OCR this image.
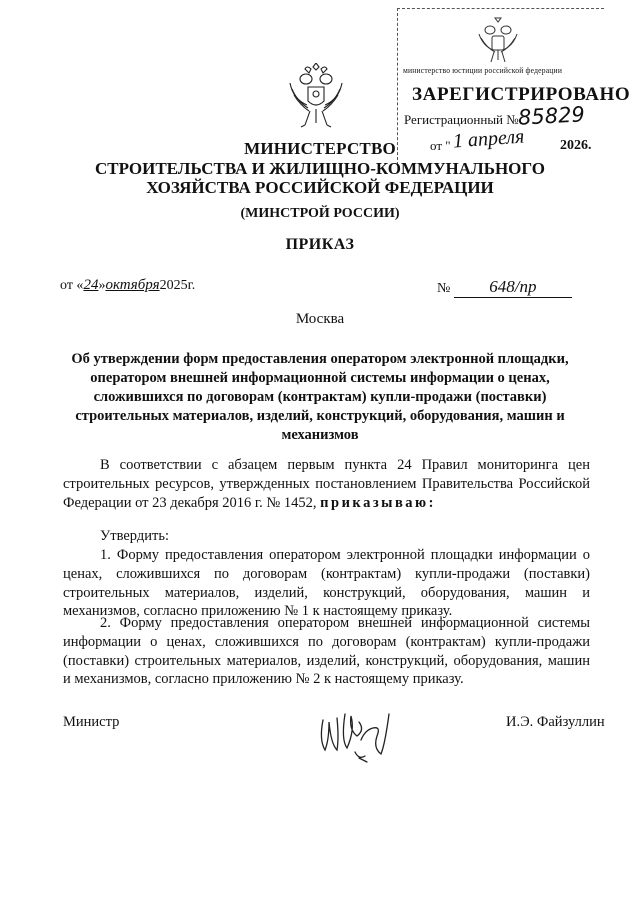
министерство юстиции российской федерации
ЗАРЕГИСТРИРОВАНО
Регистрационный №
85829
от " 1 апреля 2026.
МИНИСТЕРСТВО
СТРОИТЕЛЬСТВА И ЖИЛИЩНО-КОММУНАЛЬНОГО
ХОЗЯЙСТВА РОССИЙСКОЙ ФЕДЕРАЦИИ
(МИНСТРОЙ РОССИИ)
ПРИКАЗ
от «24»октября2025г.	№ 648/пр
Москва
Об утверждении форм предоставления оператором электронной площадки, оператором внешней информационной системы информации о ценах, сложившихся по договорам (контрактам) купли-продажи (поставки) строительных материалов, изделий, конструкций, оборудования, машин и механизмов
В соответствии с абзацем первым пункта 24 Правил мониторинга цен строительных ресурсов, утвержденных постановлением Правительства Российской Федерации от 23 декабря 2016 г. № 1452, приказываю:
Утвердить:
1. Форму предоставления оператором электронной площадки информации о ценах, сложившихся по договорам (контрактам) купли-продажи (поставки) строительных материалов, изделий, конструкций, оборудования, машин и механизмов, согласно приложению № 1 к настоящему приказу.
2. Форму предоставления оператором внешней информационной системы информации о ценах, сложившихся по договорам (контрактам) купли-продажи (поставки) строительных материалов, изделий, конструкций, оборудования, машин и механизмов, согласно приложению № 2 к настоящему приказу.
Министр	И.Э. Файзуллин
